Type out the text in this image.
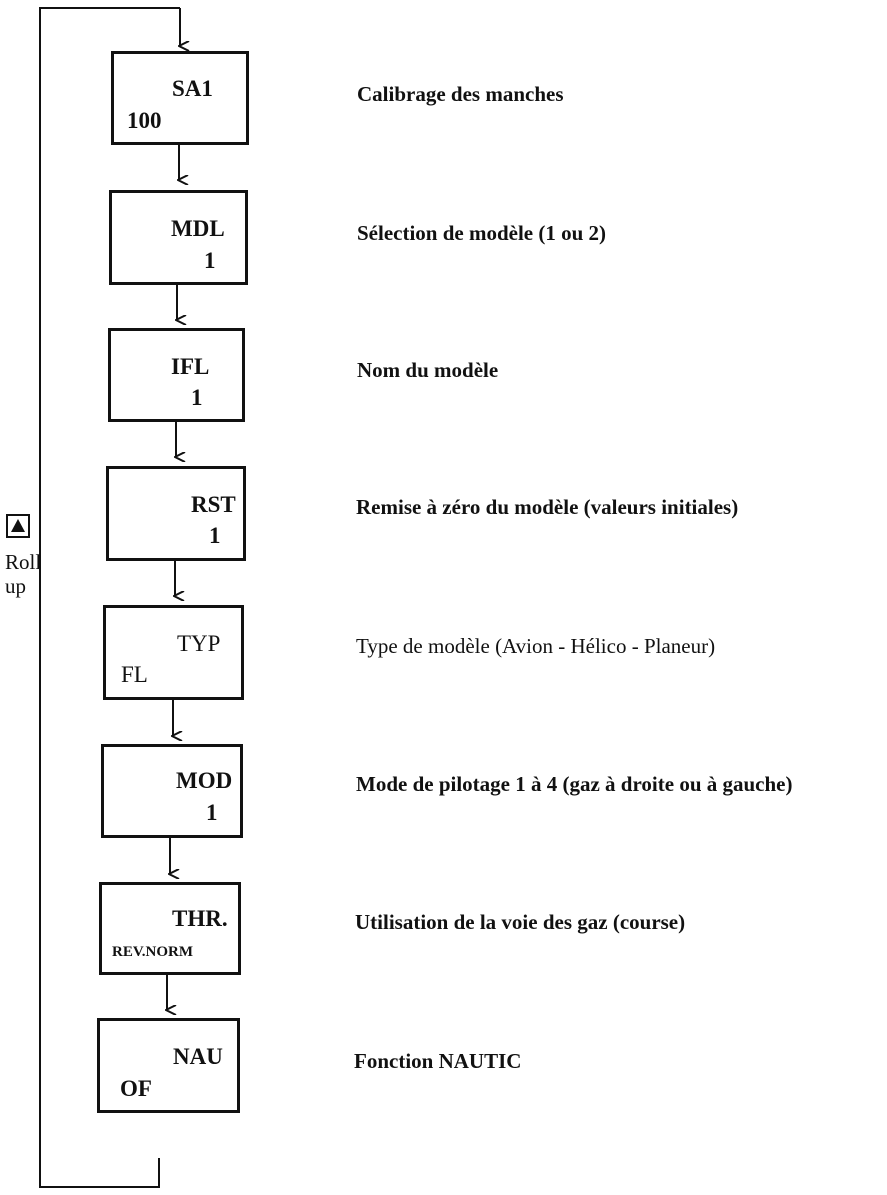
SA1
100
Calibrage des manches
MDL
1
Sélection de modèle (1 ou 2)
IFL
1
Nom du modèle
RST
1
Remise à zéro du modèle (valeurs initiales)
TYP
FL
Type de modèle (Avion - Hélico - Planeur)
MOD
1
Mode de pilotage 1 à 4 (gaz à droite ou à gauche)
THR.
REV.NORM
Utilisation de la voie des gaz (course)
NAU
OF
Fonction NAUTIC
Roll
up
